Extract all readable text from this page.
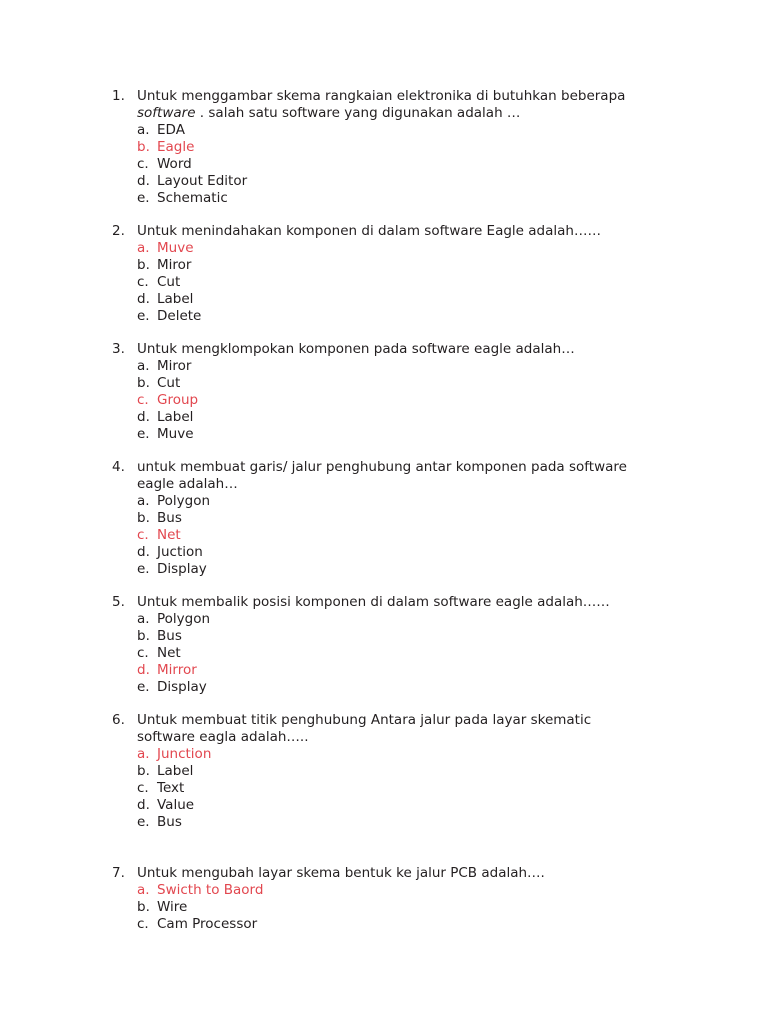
1. Untuk menggambar skema rangkaian elektronika di butuhkan beberapa software . salah satu software yang digunakan adalah …
a. EDA
b. Eagle
c. Word
d. Layout Editor
e. Schematic
2. Untuk menindahakan komponen di dalam software Eagle adalah……
a. Muve
b. Miror
c. Cut
d. Label
e. Delete
3. Untuk mengklompokan komponen pada software eagle adalah…
a. Miror
b. Cut
c. Group
d. Label
e. Muve
4. untuk membuat garis/ jalur penghubung antar komponen pada software eagle adalah…
a. Polygon
b. Bus
c. Net
d. Juction
e. Display
5. Untuk membalik posisi komponen di dalam software eagle adalah……
a. Polygon
b. Bus
c. Net
d. Mirror
e. Display
6. Untuk membuat titik penghubung Antara jalur pada layar skematic software eagla adalah…..
a. Junction
b. Label
c. Text
d. Value
e. Bus
7. Untuk mengubah layar skema bentuk ke jalur PCB adalah….
a. Swicth to Baord
b. Wire
c. Cam Processor
